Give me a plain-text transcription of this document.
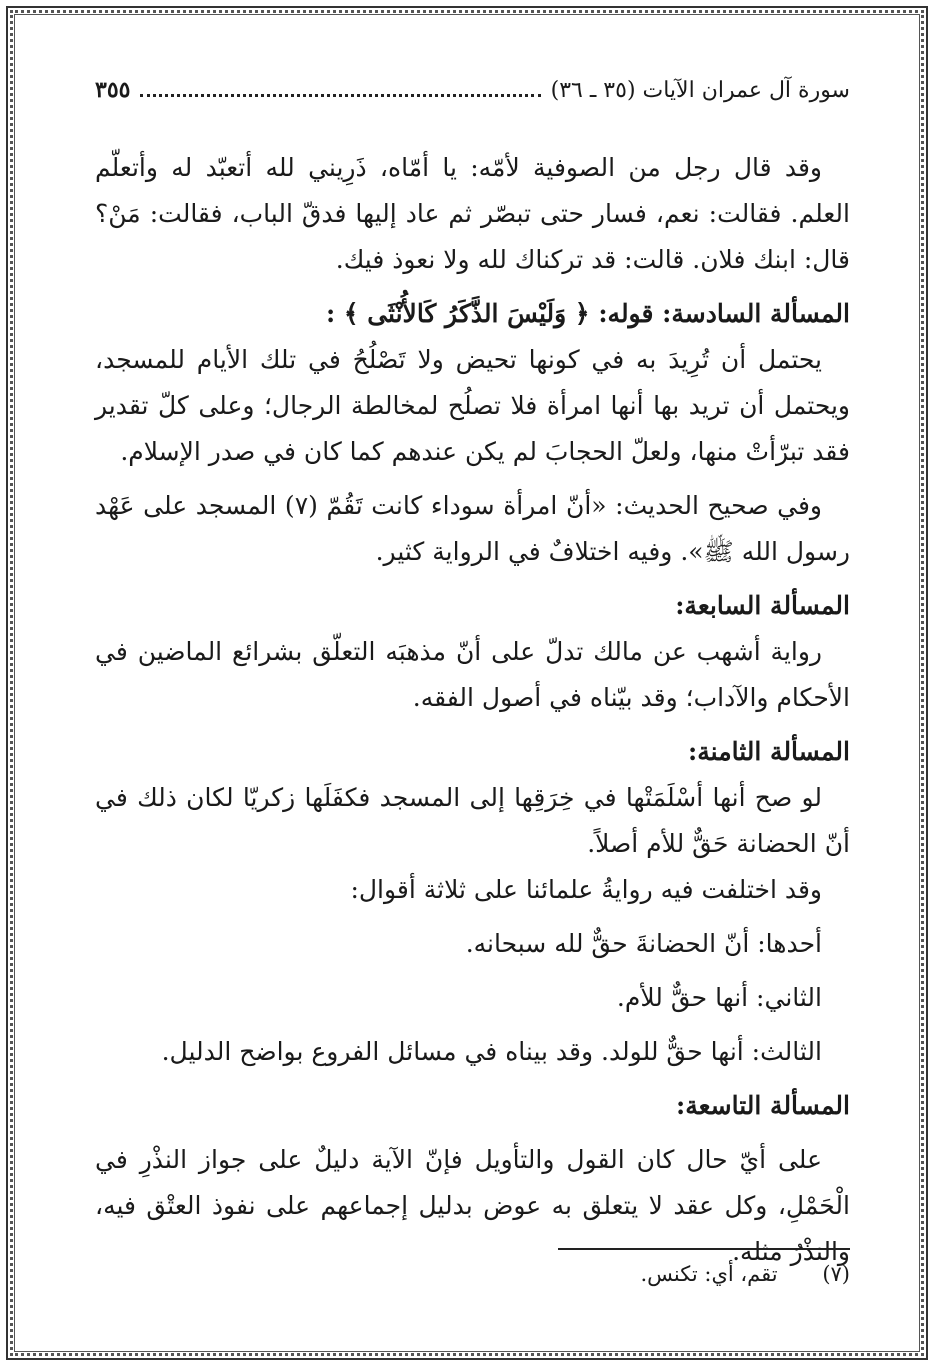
سورة آل عمران الآيات (٣٥ ـ ٣٦)
٣٥٥

وقد قال رجل من الصوفية لأمّه: يا أمّاه، ذَرِيني لله أتعبّد له وأتعلّم العلم. فقالت: نعم، فسار حتى تبصّر ثم عاد إليها فدقّ الباب، فقالت: مَنْ؟ قال: ابنك فلان. قالت: قد تركناك لله ولا نعوذ فيك.

المسألة السادسة: قوله: ﴿ وَلَيْسَ الذَّكَرُ كَالأُنْثَى ﴾ :

يحتمل أن تُرِيدَ به في كونها تحيض ولا تَصْلُحُ في تلك الأيام للمسجد، ويحتمل أن تريد بها أنها امرأة فلا تصلُح لمخالطة الرجال؛ وعلى كلّ تقدير فقد تبرّأتْ منها، ولعلّ الحجابَ لم يكن عندهم كما كان في صدر الإسلام.

وفي صحيح الحديث: «أنّ امرأة سوداء كانت تَقُمّ (٧) المسجد على عَهْد رسول الله ﷺ». وفيه اختلافٌ في الرواية كثير.

المسألة السابعة:

رواية أشهب عن مالك تدلّ على أنّ مذهبَه التعلّق بشرائع الماضين في الأحكام والآداب؛ وقد بيّناه في أصول الفقه.

المسألة الثامنة:

لو صح أنها أسْلَمَتْها في خِرَقِها إلى المسجد فكفَلَها زكريّا لكان ذلك في أنّ الحضانة حَقٌّ للأم أصلاً.

وقد اختلفت فيه روايةُ علمائنا على ثلاثة أقوال:

أحدها: أنّ الحضانةَ حقٌّ لله سبحانه.

الثاني: أنها حقٌّ للأم.

الثالث: أنها حقٌّ للولد. وقد بيناه في مسائل الفروع بواضح الدليل.

المسألة التاسعة:

على أيّ حال كان القول والتأويل فإنّ الآية دليلٌ على جواز النذْرِ في الْحَمْلِ، وكل عقد لا يتعلق به عوض بدليل إجماعهم على نفوذ العتْق فيه، والنذْرُ مثله.

(٧) تقم، أي: تكنس.
